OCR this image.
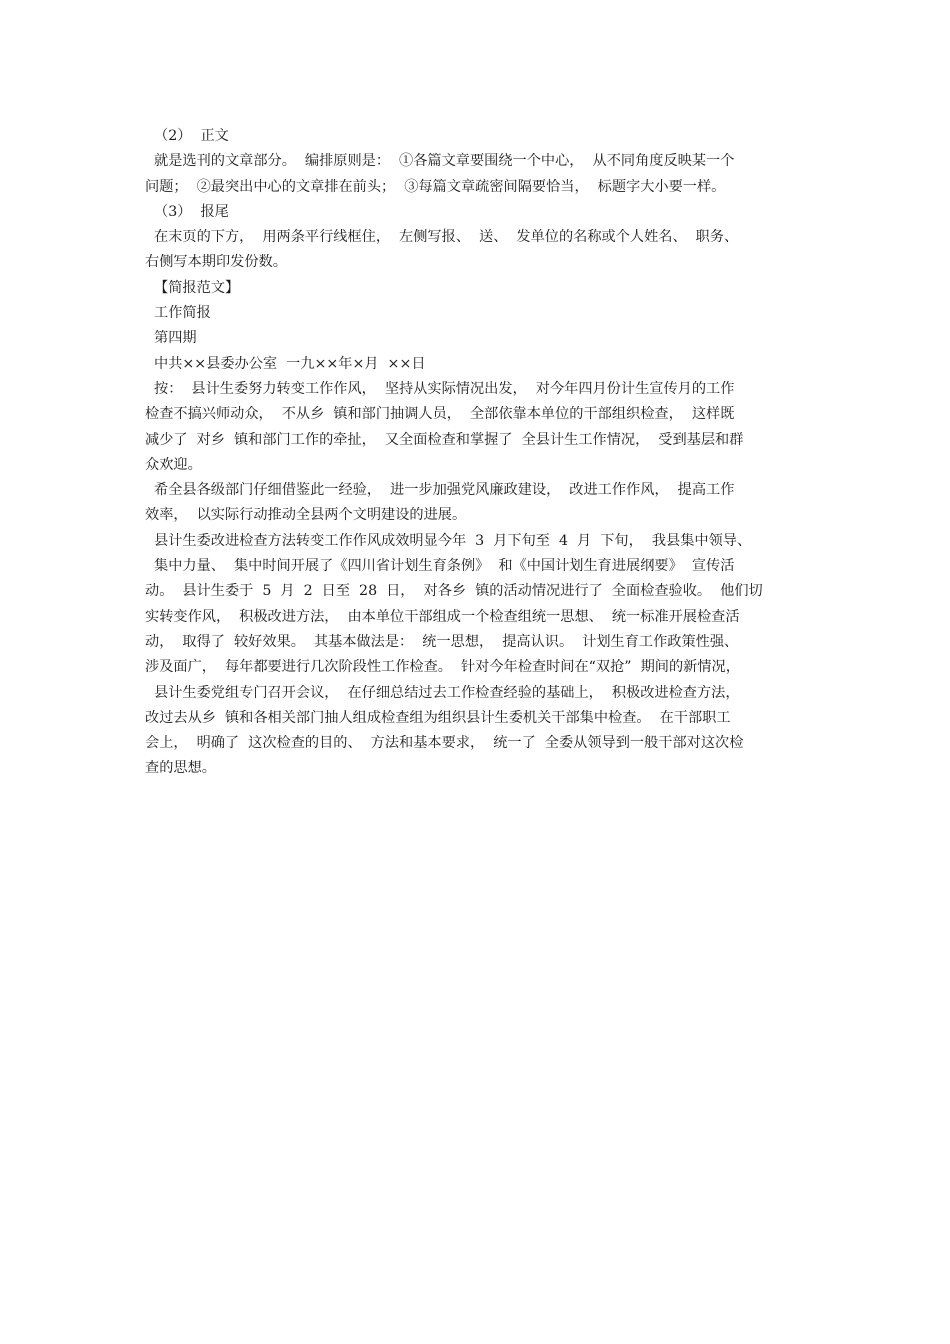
（2）  正文

就是选刊的文章部分。  编排原则是：  ①各篇文章要围绕一个中心，  从不同角度反映某一个

问题；  ②最突出中心的文章排在前头；  ③每篇文章疏密间隔要恰当，  标题字大小要一样。

（3）  报尾

在末页的下方，  用两条平行线框住，  左侧写报、  送、  发单位的名称或个人姓名、  职务、

右侧写本期印发份数。

【简报范文】

工作简报

第四期

中共××县委办公室  一九××年×月  ××日

按：  县计生委努力转变工作作风，  坚持从实际情况出发，  对今年四月份计生宣传月的工作

检查不搞兴师动众，  不从乡  镇和部门抽调人员，  全部依靠本单位的干部组织检查，  这样既

减少了  对乡  镇和部门工作的牵扯，  又全面检查和掌握了  全县计生工作情况，  受到基层和群

众欢迎。

希全县各级部门仔细借鉴此一经验，  进一步加强党风廉政建设，  改进工作作风，  提高工作

效率，  以实际行动推动全县两个文明建设的进展。

县计生委改进检查方法转变工作作风成效明显今年  3  月下旬至  4  月  下旬，  我县集中领导、

集中力量、  集中时间开展了《四川省计划生育条例》  和《中国计划生育进展纲要》  宣传活

动。  县计生委于  5  月  2  日至  28  日，  对各乡  镇的活动情况进行了  全面检查验收。  他们切

实转变作风，  积极改进方法，  由本单位干部组成一个检查组统一思想、  统一标准开展检查活

动，  取得了  较好效果。  其基本做法是：  统一思想，  提高认识。  计划生育工作政策性强、

涉及面广，  每年都要进行几次阶段性工作检查。  针对今年检查时间在“双抢”  期间的新情况，

县计生委党组专门召开会议，  在仔细总结过去工作检查经验的基础上，  积极改进检查方法，

改过去从乡  镇和各相关部门抽人组成检查组为组织县计生委机关干部集中检查。  在干部职工

会上，  明确了  这次检查的目的、  方法和基本要求，  统一了  全委从领导到一般干部对这次检

查的思想。
